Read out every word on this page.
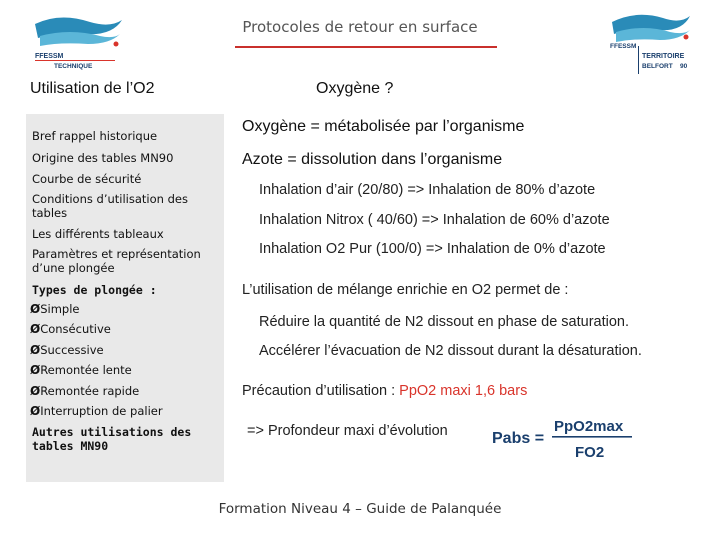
Protocoles de retour en surface
FFESSM
TECHNIQUE
FFESSM
TERRITOIRE
BELFORT 90
Utilisation de l’O2	Oxygène ?
Bref rappel historique
Origine des tables MN90
Courbe de sécurité
Conditions d’utilisation des tables
Les différents tableaux
Paramètres et représentation d’une plongée
Types de plongée :
ØSimple
ØConsécutive
ØSuccessive
ØRemontée lente
ØRemontée rapide
ØInterruption de palier
Autres utilisations des tables MN90
Oxygène = métabolisée par l’organisme
Azote = dissolution dans l’organisme
Inhalation d’air (20/80) => Inhalation de 80% d’azote
Inhalation Nitrox ( 40/60) => Inhalation de 60% d’azote
Inhalation O2 Pur (100/0) => Inhalation de 0% d’azote
L’utilisation de mélange enrichie en O2 permet de :
Réduire la quantité de N2 dissout en phase de saturation.
Accélérer l’évacuation de N2 dissout durant la désaturation.
Précaution d’utilisation : PpO2 maxi 1,6 bars
=> Profondeur maxi d’évolution	Pabs =
PpO2max
FO2
Formation Niveau 4 – Guide de Palanquée
